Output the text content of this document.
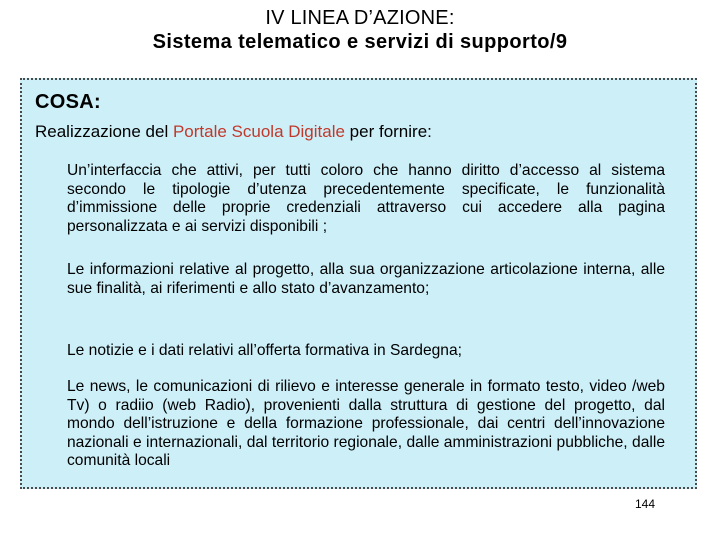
IV LINEA D’AZIONE:
Sistema telematico e servizi di supporto/9
COSA:
Realizzazione del Portale Scuola Digitale per fornire:
Un’interfaccia che attivi, per tutti coloro che hanno diritto d’accesso al sistema secondo le tipologie d’utenza precedentemente specificate, le funzionalità d’immissione delle proprie credenziali attraverso cui accedere alla pagina personalizzata e ai servizi disponibili ;
Le informazioni relative al progetto, alla sua organizzazione articolazione interna, alle sue finalità, ai riferimenti e allo stato d’avanzamento;
Le notizie e i dati relativi all’offerta formativa in Sardegna;
Le news, le comunicazioni di rilievo e interesse generale in formato testo, video /web Tv) o radiio (web Radio), provenienti dalla struttura di gestione del progetto, dal mondo dell’istruzione e della formazione professionale, dai centri dell’innovazione nazionali e internazionali, dal territorio regionale, dalle amministrazioni pubbliche, dalle comunità locali
144
